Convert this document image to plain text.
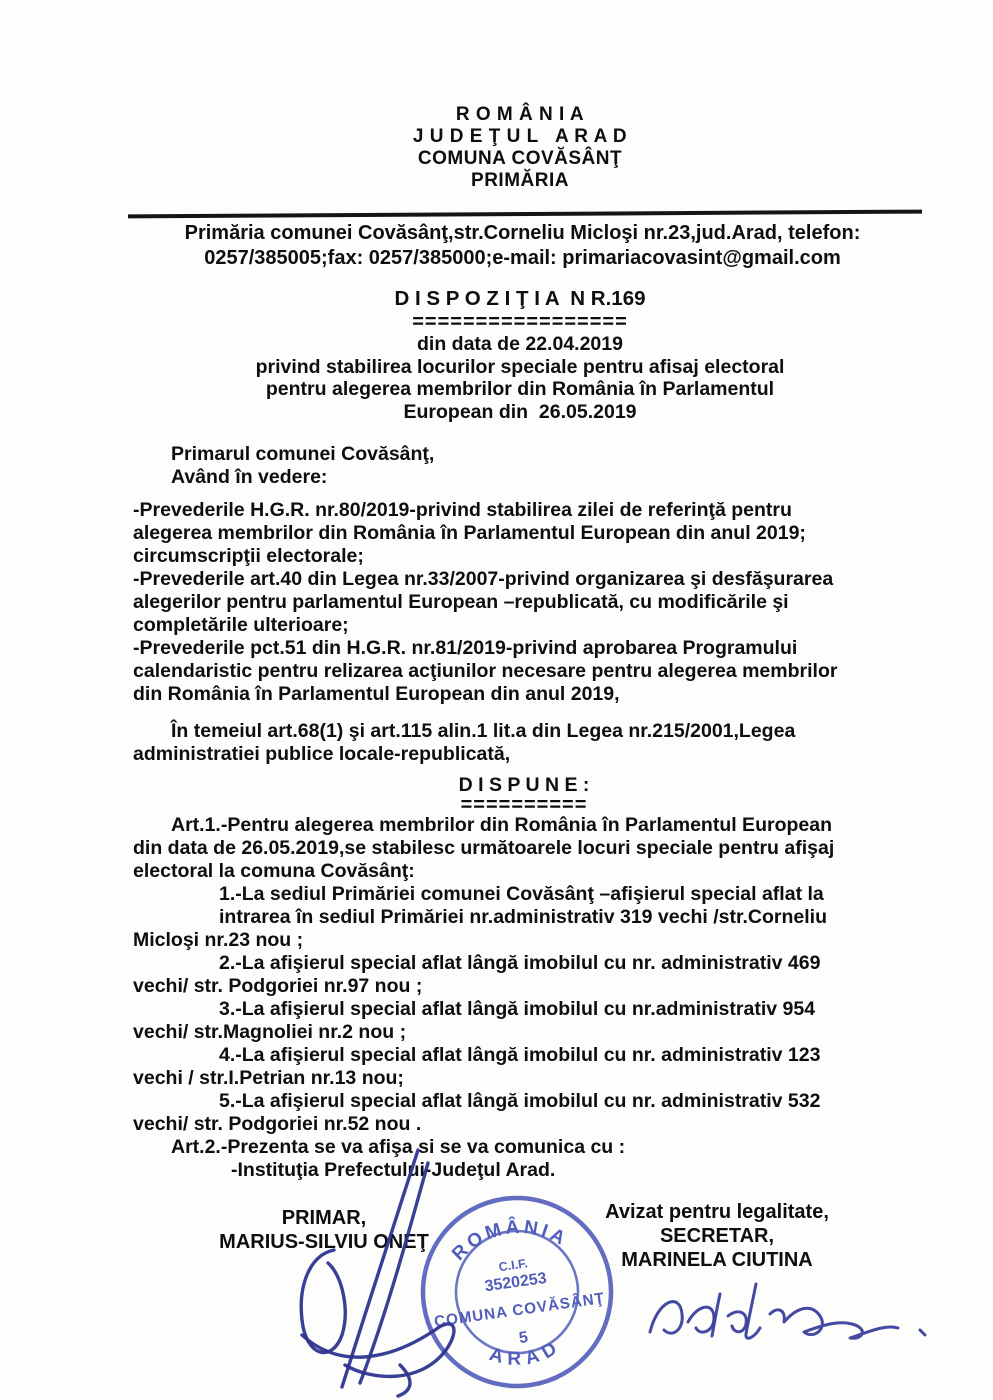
R O M Â N I A
J U D E Ţ U L   A R A D
COMUNA COVĂSÂNŢ
PRIMĂRIA
Primăria comunei Covăsânţ,str.Corneliu Micloşi nr.23,jud.Arad, telefon:
0257/385005;fax: 0257/385000;e-mail: primariacovasint@gmail.com
D I S P O Z I Ţ I A  N R.169
=================
din data de 22.04.2019
privind stabilirea locurilor speciale pentru afisaj electoral
pentru alegerea membrilor din România în Parlamentul
European din  26.05.2019
Primarul comunei Covăsânţ,
Având în vedere:
-Prevederile H.G.R. nr.80/2019-privind stabilirea zilei de referinţă pentru
alegerea membrilor din România în Parlamentul European din anul 2019;
circumscripţii electorale;
-Prevederile art.40 din Legea nr.33/2007-privind organizarea şi desfăşurarea
alegerilor pentru parlamentul European –republicată, cu modificările şi
completările ulterioare;
-Prevederile pct.51 din H.G.R. nr.81/2019-privind aprobarea Programului
calendaristic pentru relizarea acţiunilor necesare pentru alegerea membrilor
din România în Parlamentul European din anul 2019,
În temeiul art.68(1) şi art.115 alin.1 lit.a din Legea nr.215/2001,Legea
administratiei publice locale-republicată,
D I S P U N E :
==========
Art.1.-Pentru alegerea membrilor din România în Parlamentul European
din data de 26.05.2019,se stabilesc următoarele locuri speciale pentru afişaj
electoral la comuna Covăsânţ:
1.-La sediul Primăriei comunei Covăsânţ –afişierul special aflat la
intrarea în sediul Primăriei nr.administrativ 319 vechi /str.Corneliu
Micloşi nr.23 nou ;
2.-La afişierul special aflat lângă imobilul cu nr. administrativ 469
vechi/ str. Podgoriei nr.97 nou ;
3.-La afişierul special aflat lângă imobilul cu nr.administrativ 954
vechi/ str.Magnoliei nr.2 nou ;
4.-La afişierul special aflat lângă imobilul cu nr. administrativ 123
vechi / str.I.Petrian nr.13 nou;
5.-La afişierul special aflat lângă imobilul cu nr. administrativ 532
vechi/ str. Podgoriei nr.52 nou .
Art.2.-Prezenta se va afişa si se va comunica cu :
-Instituţia Prefectului-Judeţul Arad.
PRIMAR,
MARIUS-SILVIU ONEŢ
Avizat pentru legalitate,
SECRETAR,
MARINELA CIUTINA
ROMÂNIA
C.I.F.
3520253
COMUNA COVĂSÂNŢ
5
ARAD
